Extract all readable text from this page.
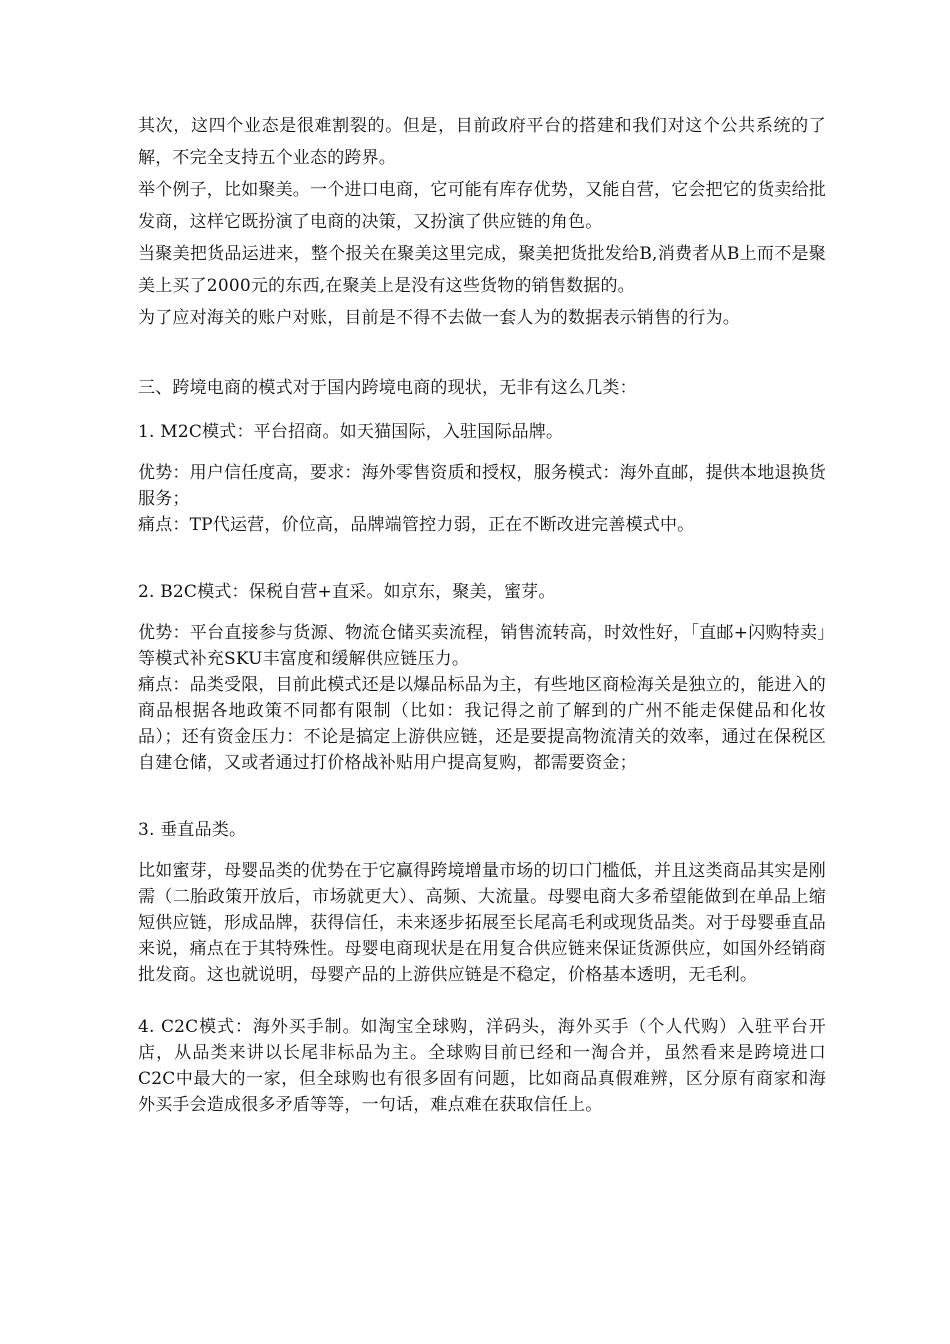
其次，这四个业态是很难割裂的。但是，目前政府平台的搭建和我们对这个公共系统的了解，不完全支持五个业态的跨界。

举个例子，比如聚美。一个进口电商，它可能有库存优势，又能自营，它会把它的货卖给批发商，这样它既扮演了电商的决策，又扮演了供应链的角色。

当聚美把货品运进来，整个报关在聚美这里完成，聚美把货批发给B,消费者从B上而不是聚美上买了2000元的东西,在聚美上是没有这些货物的销售数据的。

为了应对海关的账户对账，目前是不得不去做一套人为的数据表示销售的行为。

三、跨境电商的模式对于国内跨境电商的现状，无非有这么几类：

1. M2C模式：平台招商。如天猫国际，入驻国际品牌。

优势：用户信任度高，要求：海外零售资质和授权，服务模式：海外直邮，提供本地退换货服务；

痛点：TP代运营，价位高，品牌端管控力弱，正在不断改进完善模式中。

2. B2C模式：保税自营+直采。如京东，聚美，蜜芽。

优势：平台直接参与货源、物流仓储买卖流程，销售流转高，时效性好，「直邮+闪购特卖」等模式补充SKU丰富度和缓解供应链压力。

痛点：品类受限，目前此模式还是以爆品标品为主，有些地区商检海关是独立的，能进入的商品根据各地政策不同都有限制（比如：我记得之前了解到的广州不能走保健品和化妆品）；还有资金压力：不论是搞定上游供应链，还是要提高物流清关的效率，通过在保税区自建仓储，又或者通过打价格战补贴用户提高复购，都需要资金；

3. 垂直品类。

比如蜜芽，母婴品类的优势在于它赢得跨境增量市场的切口门槛低，并且这类商品其实是刚需（二胎政策开放后，市场就更大）、高频、大流量。母婴电商大多希望能做到在单品上缩短供应链，形成品牌，获得信任，未来逐步拓展至长尾高毛利或现货品类。对于母婴垂直品来说，痛点在于其特殊性。母婴电商现状是在用复合供应链来保证货源供应，如国外经销商批发商。这也就说明，母婴产品的上游供应链是不稳定，价格基本透明，无毛利。

4. C2C模式：海外买手制。如淘宝全球购，洋码头，海外买手（个人代购）入驻平台开店，从品类来讲以长尾非标品为主。全球购目前已经和一淘合并，虽然看来是跨境进口C2C中最大的一家，但全球购也有很多固有问题，比如商品真假难辨，区分原有商家和海外买手会造成很多矛盾等等，一句话，难点难在获取信任上。
